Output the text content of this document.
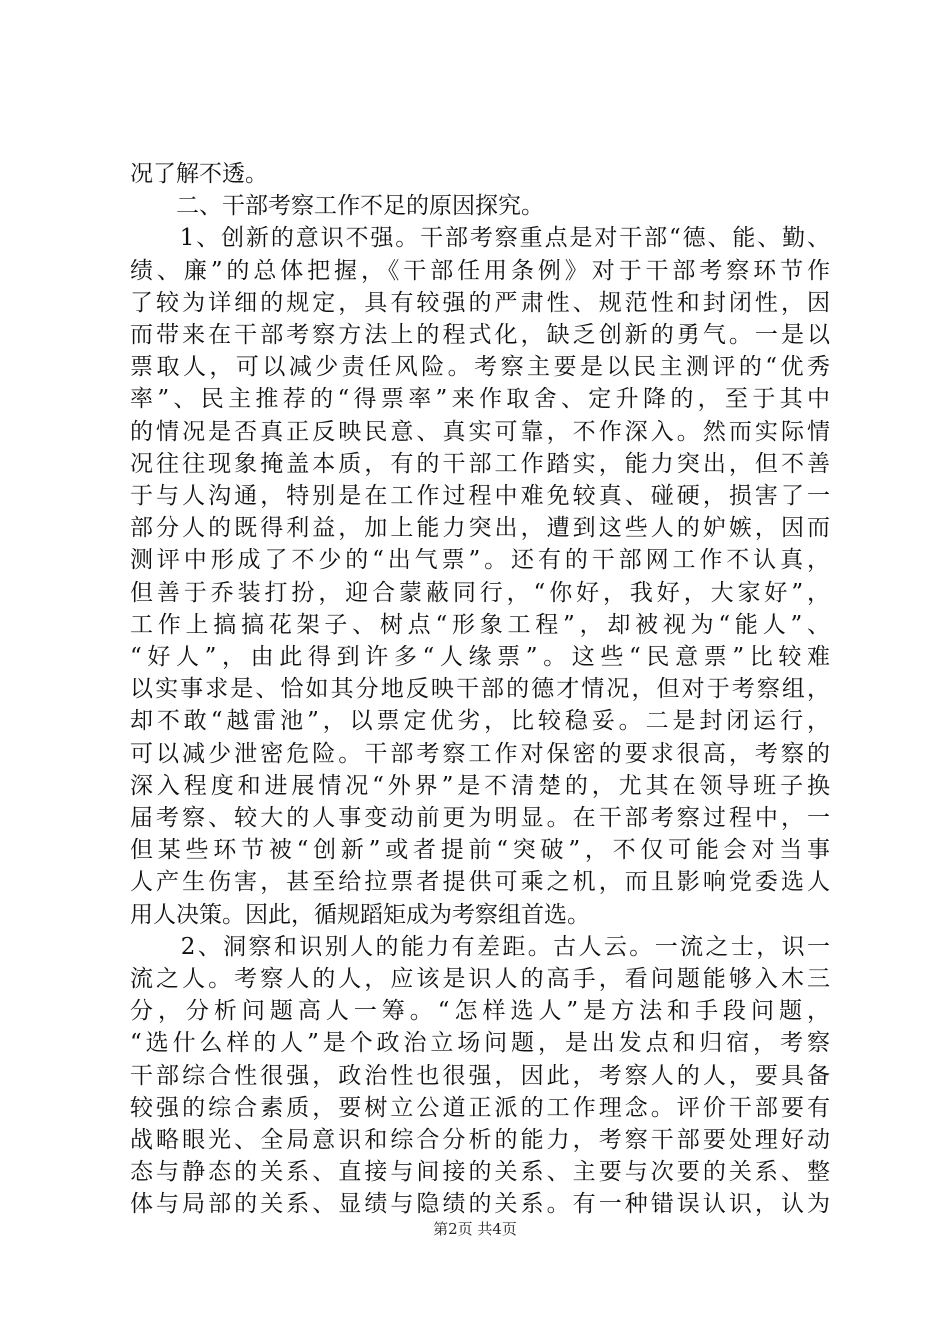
况了解不透。
　　二、干部考察工作不足的原因探究。
　　1、创新的意识不强。干部考察重点是对干部“德、能、勤、
绩、廉”的总体把握，《干部任用条例》对于干部考察环节作
了较为详细的规定，具有较强的严肃性、规范性和封闭性，因
而带来在干部考察方法上的程式化，缺乏创新的勇气。一是以
票取人，可以减少责任风险。考察主要是以民主测评的“优秀
率”、民主推荐的“得票率”来作取舍、定升降的，至于其中
的情况是否真正反映民意、真实可靠，不作深入。然而实际情
况往往现象掩盖本质，有的干部工作踏实，能力突出，但不善
于与人沟通，特别是在工作过程中难免较真、碰硬，损害了一
部分人的既得利益，加上能力突出，遭到这些人的妒嫉，因而
测评中形成了不少的“出气票”。还有的干部网工作不认真，
但善于乔装打扮，迎合蒙蔽同行，“你好，我好，大家好”，
工作上搞搞花架子、树点“形象工程”，却被视为“能人”、
“好人”，由此得到许多“人缘票”。这些“民意票”比较难
以实事求是、恰如其分地反映干部的德才情况，但对于考察组，
却不敢“越雷池”，以票定优劣，比较稳妥。二是封闭运行，
可以减少泄密危险。干部考察工作对保密的要求很高，考察的
深入程度和进展情况“外界”是不清楚的，尤其在领导班子换
届考察、较大的人事变动前更为明显。在干部考察过程中，一
但某些环节被“创新”或者提前“突破”，不仅可能会对当事
人产生伤害，甚至给拉票者提供可乘之机，而且影响党委选人
用人决策。因此，循规蹈矩成为考察组首选。
　　2、洞察和识别人的能力有差距。古人云。一流之士，识一
流之人。考察人的人，应该是识人的高手，看问题能够入木三
分，分析问题高人一筹。“怎样选人”是方法和手段问题，
“选什么样的人”是个政治立场问题，是出发点和归宿，考察
干部综合性很强，政治性也很强，因此，考察人的人，要具备
较强的综合素质，要树立公道正派的工作理念。评价干部要有
战略眼光、全局意识和综合分析的能力，考察干部要处理好动
态与静态的关系、直接与间接的关系、主要与次要的关系、整
体与局部的关系、显绩与隐绩的关系。有一种错误认识，认为
第2页 共4页
